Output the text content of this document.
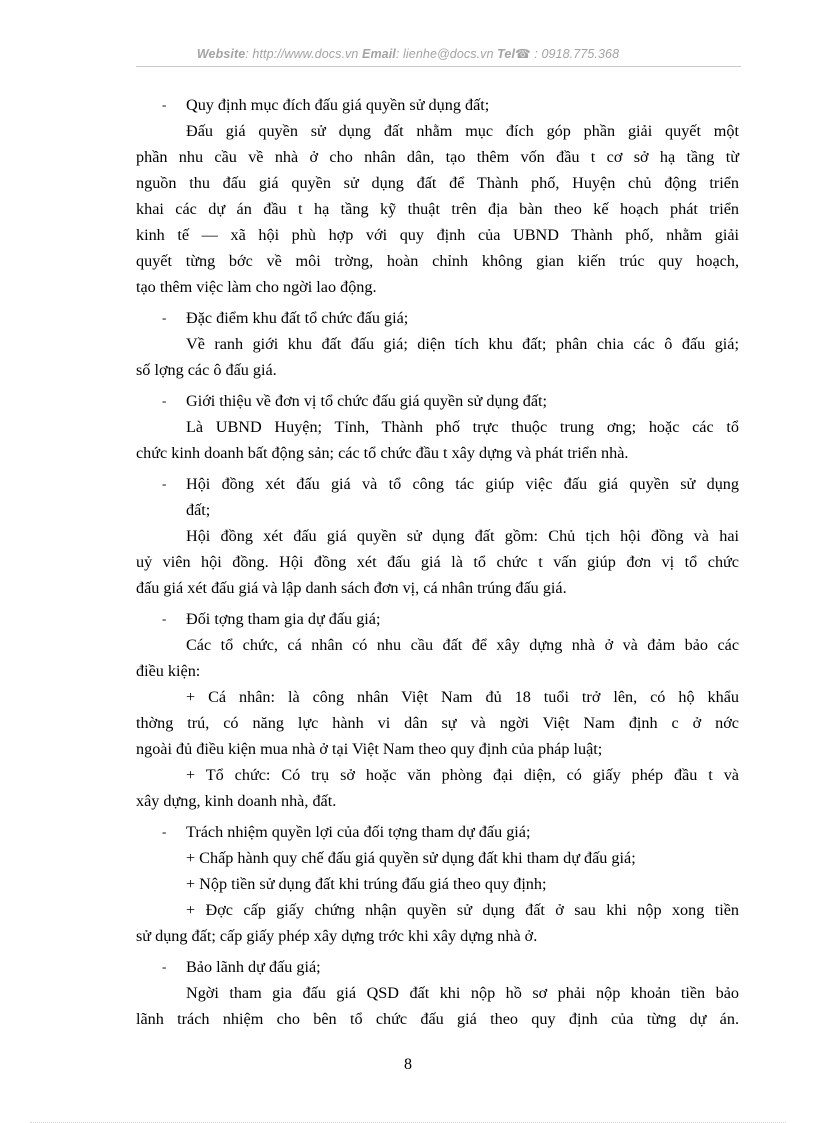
Website: http://www.docs.vn Email: lienhe@docs.vn Tel☎ : 0918.775.368
- Quy định mục đích đấu giá quyền sử dụng đất;
Đấu giá quyền sử dụng đất nhằm mục đích góp phần giải quyết một
phần nhu cầu về nhà ở cho nhân dân, tạo thêm vốn đầu t cơ sở hạ tầng từ
nguồn thu đấu giá quyền sử dụng đất để Thành phố, Huyện chủ động triển
khai các dự án đầu t hạ tầng kỹ thuật trên địa bàn theo kế hoạch phát triển
kinh tế — xã hội phù hợp với quy định của UBND Thành phố, nhằm giải
quyết từng bớc về môi trờng, hoàn chỉnh không gian kiến trúc quy hoạch,
tạo thêm việc làm cho ngời lao động.
- Đặc điểm khu đất tổ chức đấu giá;
Về ranh giới khu đất đấu giá; diện tích khu đất; phân chia các ô đấu giá;
số lợng các ô đấu giá.
- Giới thiệu về đơn vị tổ chức đấu giá quyền sử dụng đất;
Là UBND Huyện; Tỉnh, Thành phố trực thuộc trung ơng; hoặc các tổ
chức kinh doanh bất động sản; các tổ chức đầu t xây dựng và phát triển nhà.
- Hội đồng xét đấu giá và tổ công tác giúp việc đấu giá quyền sử dụng
đất;
Hội đồng xét đấu giá quyền sử dụng đất gồm: Chủ tịch hội đồng và hai
uỷ viên hội đồng. Hội đồng xét đấu giá là tổ chức t vấn giúp đơn vị tổ chức
đấu giá xét đấu giá và lập danh sách đơn vị, cá nhân trúng đấu giá.
- Đối tợng tham gia dự đấu giá;
Các tổ chức, cá nhân có nhu cầu đất để xây dựng nhà ở và đảm bảo các
điều kiện:
+ Cá nhân: là công nhân Việt Nam đủ 18 tuổi trở lên, có hộ khẩu
thờng trú, có năng lực hành vi dân sự và ngời Việt Nam định c ở nớc
ngoài đủ điều kiện mua nhà ở tại Việt Nam theo quy định của pháp luật;
+ Tổ chức: Có trụ sở hoặc văn phòng đại diện, có giấy phép đầu t và
xây dựng, kinh doanh nhà, đất.
- Trách nhiệm quyền lợi của đối tợng tham dự đấu giá;
+ Chấp hành quy chế đấu giá quyền sử dụng đất khi tham dự đấu giá;
+ Nộp tiền sử dụng đất khi trúng đấu giá theo quy định;
+ Đợc cấp giấy chứng nhận quyền sử dụng đất ở sau khi nộp xong tiền
sử dụng đất; cấp giấy phép xây dựng trớc khi xây dựng nhà ở.
- Bảo lãnh dự đấu giá;
Ngời tham gia đấu giá QSD đất khi nộp hồ sơ phải nộp khoản tiền bảo
lãnh trách nhiệm cho bên tổ chức đấu giá theo quy định của từng dự án.
8
